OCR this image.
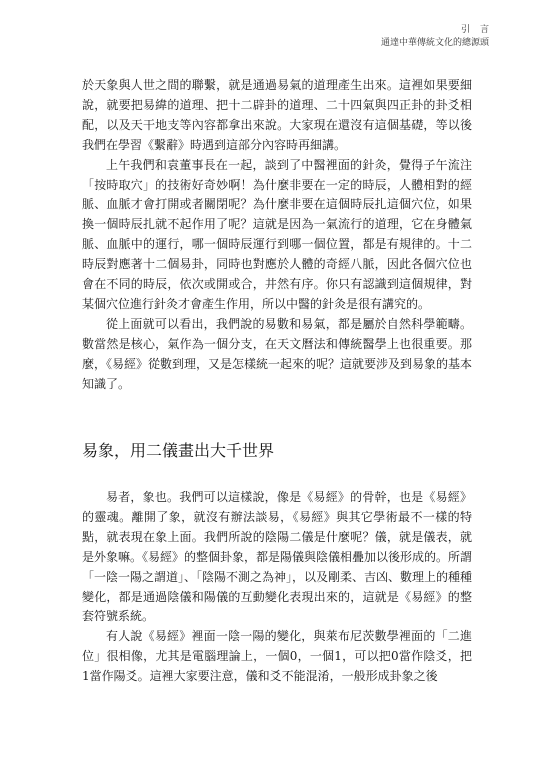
引言
通達中華傳統文化的總源頭

於天象與人世之間的聯繫，就是通過易氣的道理產生出來。這裡如果要細說，就要把易緯的道理、把十二辟卦的道理、二十四氣與四正卦的卦爻相配，以及天干地支等內容都拿出來說。大家現在還沒有這個基礎，等以後我們在學習《繫辭》時遇到這部分內容時再細講。

上午我們和袁董事長在一起，談到了中醫裡面的針灸，覺得子午流注「按時取穴」的技術好奇妙啊！為什麼非要在一定的時辰，人體相對的經脈、血脈才會打開或者關閉呢？為什麼非要在這個時辰扎這個穴位，如果換一個時辰扎就不起作用了呢？這就是因為一氣流行的道理，它在身體氣脈、血脈中的運行，哪一個時辰運行到哪一個位置，都是有規律的。十二時辰對應著十二個易卦，同時也對應於人體的奇經八脈，因此各個穴位也會在不同的時辰，依次或開或合，井然有序。你只有認識到這個規律，對某個穴位進行針灸才會產生作用，所以中醫的針灸是很有講究的。

從上面就可以看出，我們說的易數和易氣，都是屬於自然科學範疇。數當然是核心，氣作為一個分支，在天文曆法和傳統醫學上也很重要。那麼，《易經》從數到理，又是怎樣統一起來的呢？這就要涉及到易象的基本知識了。

易象，用二儀畫出大千世界

易者，象也。我們可以這樣說，像是《易經》的骨幹，也是《易經》的靈魂。離開了象，就沒有辦法談易，《易經》與其它學術最不一樣的特點，就表現在象上面。我們所說的陰陽二儀是什麼呢？儀，就是儀表，就是外象嘛。《易經》的整個卦象，都是陽儀與陰儀相疊加以後形成的。所謂「一陰一陽之謂道」、「陰陽不測之為神」，以及剛柔、吉凶、數理上的種種變化，都是通過陰儀和陽儀的互動變化表現出來的，這就是《易經》的整套符號系統。

有人說《易經》裡面一陰一陽的變化，與萊布尼茨數學裡面的「二進位」很相像，尤其是電腦理論上，一個0，一個1，可以把0當作陰爻，把1當作陽爻。這裡大家要注意，儀和爻不能混淆，一般形成卦象之後
